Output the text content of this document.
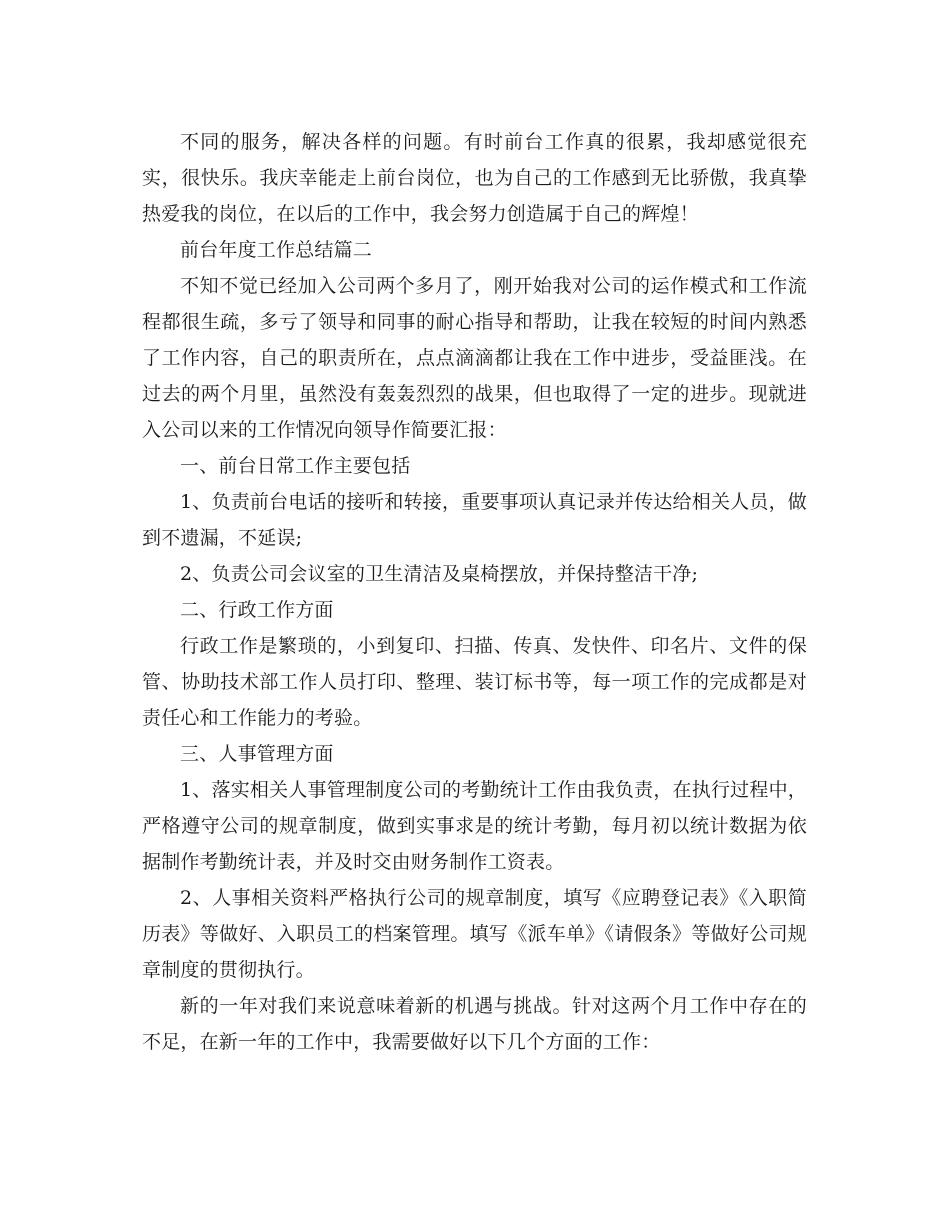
不同的服务，解决各样的问题。有时前台工作真的很累，我却感觉很充实，很快乐。我庆幸能走上前台岗位，也为自己的工作感到无比骄傲，我真挚热爱我的岗位，在以后的工作中，我会努力创造属于自己的辉煌！

前台年度工作总结篇二

不知不觉已经加入公司两个多月了，刚开始我对公司的运作模式和工作流程都很生疏，多亏了领导和同事的耐心指导和帮助，让我在较短的时间内熟悉了工作内容，自己的职责所在，点点滴滴都让我在工作中进步，受益匪浅。在过去的两个月里，虽然没有轰轰烈烈的战果，但也取得了一定的进步。现就进入公司以来的工作情况向领导作简要汇报：

一、前台日常工作主要包括

1、负责前台电话的接听和转接，重要事项认真记录并传达给相关人员，做到不遗漏，不延误;

2、负责公司会议室的卫生清洁及桌椅摆放，并保持整洁干净;

二、行政工作方面

行政工作是繁琐的，小到复印、扫描、传真、发快件、印名片、文件的保管、协助技术部工作人员打印、整理、装订标书等，每一项工作的完成都是对责任心和工作能力的考验。

三、人事管理方面

1、落实相关人事管理制度公司的考勤统计工作由我负责，在执行过程中，严格遵守公司的规章制度，做到实事求是的统计考勤，每月初以统计数据为依据制作考勤统计表，并及时交由财务制作工资表。

2、人事相关资料严格执行公司的规章制度，填写《应聘登记表》《入职简历表》等做好、入职员工的档案管理。填写《派车单》《请假条》等做好公司规章制度的贯彻执行。

新的一年对我们来说意味着新的机遇与挑战。针对这两个月工作中存在的不足，在新一年的工作中，我需要做好以下几个方面的工作：
